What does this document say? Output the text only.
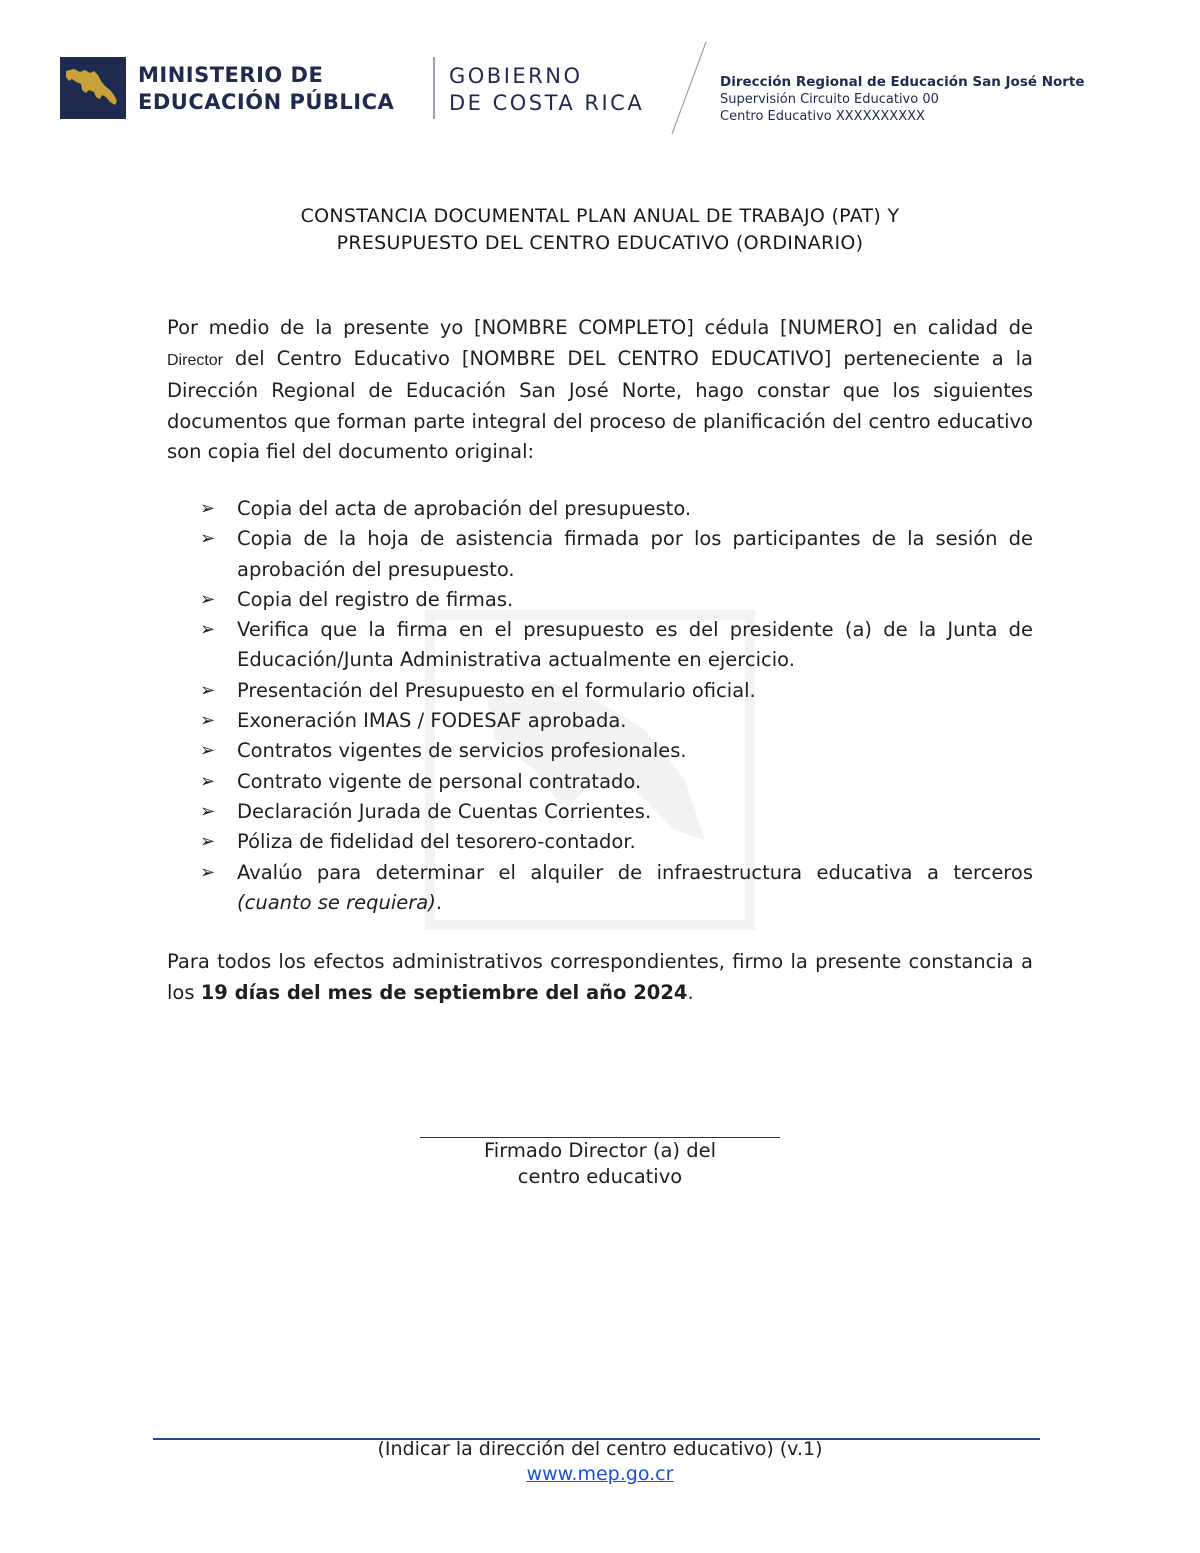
MINISTERIO DE
EDUCACIÓN PÚBLICA
GOBIERNO
DE COSTA RICA
Dirección Regional de Educación San José Norte
Supervisión Circuito Educativo 00
Centro Educativo XXXXXXXXXX
CONSTANCIA DOCUMENTAL PLAN ANUAL DE TRABAJO (PAT) Y
PRESUPUESTO DEL CENTRO EDUCATIVO (ORDINARIO)
Por medio de la presente yo [NOMBRE COMPLETO] cédula [NUMERO] en calidad de Director del Centro Educativo [NOMBRE DEL CENTRO EDUCATIVO] perteneciente a la Dirección Regional de Educación San José Norte, hago constar que los siguientes documentos que forman parte integral del proceso de planificación del centro educativo son copia fiel del documento original:
➢	Copia del acta de aprobación del presupuesto.
➢	Copia de la hoja de asistencia firmada por los participantes de la sesión de aprobación del presupuesto.
➢	Copia del registro de firmas.
➢	Verifica que la firma en el presupuesto es del presidente (a) de la Junta de Educación/Junta Administrativa actualmente en ejercicio.
➢	Presentación del Presupuesto en el formulario oficial.
➢	Exoneración IMAS / FODESAF aprobada.
➢	Contratos vigentes de servicios profesionales.
➢	Contrato vigente de personal contratado.
➢	Declaración Jurada de Cuentas Corrientes.
➢	Póliza de fidelidad del tesorero-contador.
➢	Avalúo para determinar el alquiler de infraestructura educativa a terceros (cuanto se requiera).
Para todos los efectos administrativos correspondientes, firmo la presente constancia a los 19 días del mes de septiembre del año 2024.
Firmado Director (a) del
centro educativo
(Indicar la dirección del centro educativo) (v.1)
www.mep.go.cr
